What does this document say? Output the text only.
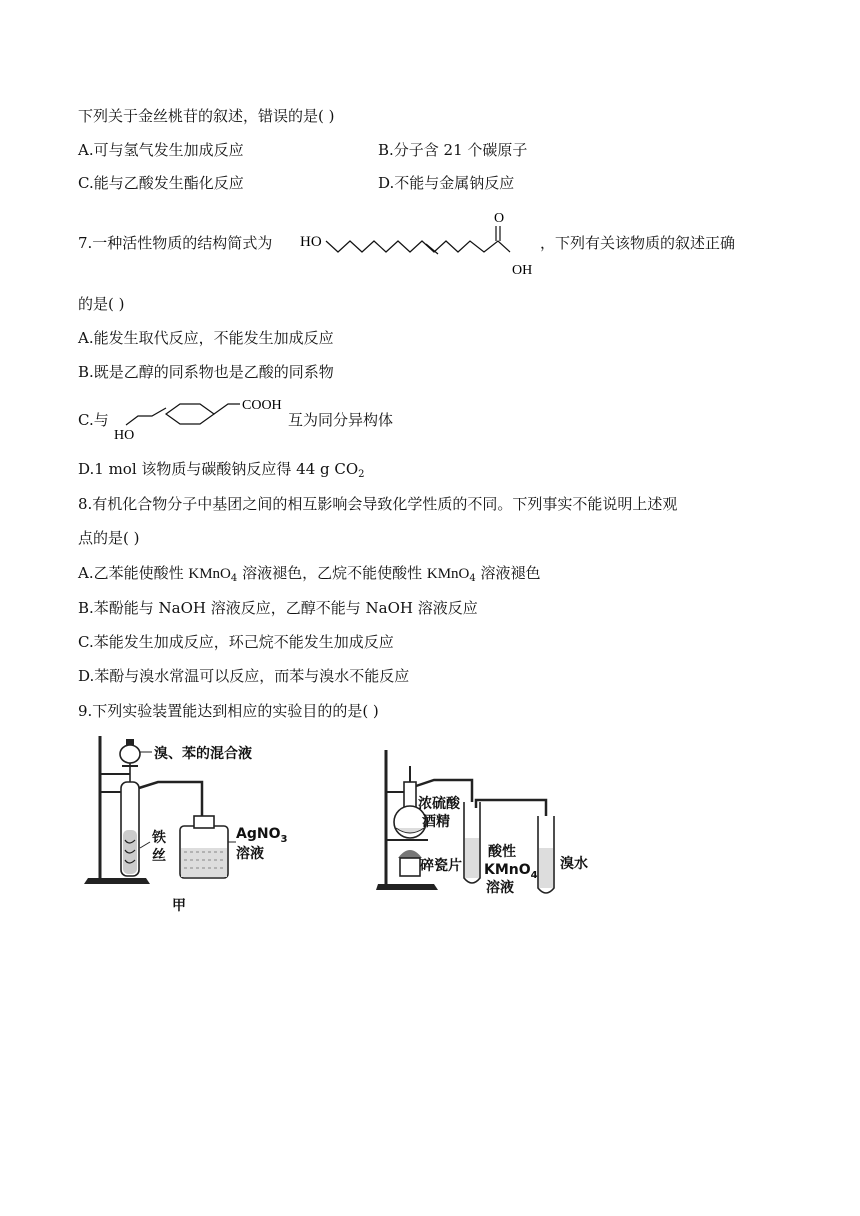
下列关于金丝桃苷的叙述，错误的是( )
A.可与氢气发生加成反应	B.分子含 21 个碳原子
C.能与乙酸发生酯化反应	D.不能与金属钠反应
7.一种活性物质的结构简式为 HO
O
OH
，下列有关该物质的叙述正确
的是( )
A.能发生取代反应，不能发生加成反应
B.既是乙醇的同系物也是乙酸的同系物
C.与
HO
COOH
互为同分异构体
D.1 mol 该物质与碳酸钠反应得 44 g $CO_2$
8.有机化合物分子中基团之间的相互影响会导致化学性质的不同。下列事实不能说明上述观
点的是( )
A.乙苯能使酸性 KMnO$_4$ 溶液褪色，乙烷不能使酸性 KMnO$_4$ 溶液褪色
B.苯酚能与 NaOH 溶液反应，乙醇不能与 NaOH 溶液反应
C.苯能发生加成反应，环己烷不能发生加成反应
D.苯酚与溴水常温可以反应，而苯与溴水不能反应
9.下列实验装置能达到相应的实验目的的是( )
溴、苯的混合液
铁
丝
AgNO$_3$
溶液
甲
浓硫酸
酒精
碎瓷片
酸性
KMnO$_4$
溶液
溴水
